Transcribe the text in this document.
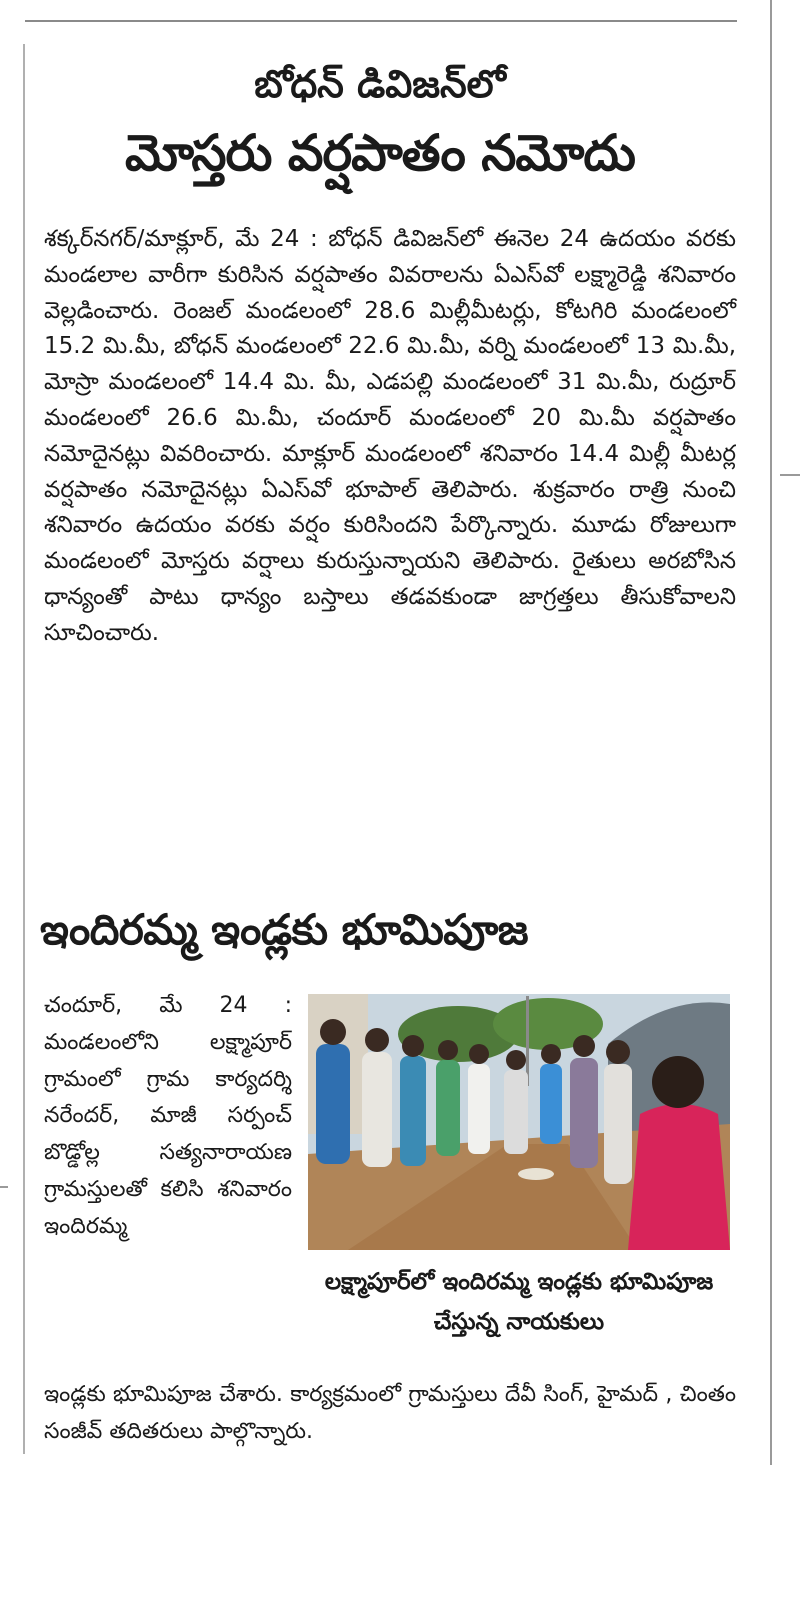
బోధన్ డివిజన్‌లో
మోస్తరు వర్షపాతం నమోదు

శక్కర్‌నగర్/మాక్లూర్, మే 24 : బోధన్ డివిజన్‌లో ఈనెల 24 ఉదయం వరకు మండలాల వారీగా కురిసిన వర్షపాతం వివరాలను ఏఎస్‌వో లక్ష్మారెడ్డి శనివారం వెల్లడించారు. రెంజల్ మండలంలో 28.6 మిల్లీమీటర్లు, కోటగిరి మండలంలో 15.2 మి.మీ, బోధన్ మండలంలో 22.6 మి.మీ, వర్ని మండలంలో 13 మి.మీ, మోస్రా మండలంలో 14.4 మి. మీ, ఎడపల్లి మండలంలో 31 మి.మీ, రుద్రూర్ మండలంలో 26.6 మి.మీ, చందూర్ మండలంలో 20 మి.మీ వర్షపాతం నమోదైనట్లు వివరించారు. మాక్లూర్ మండలంలో శనివారం 14.4 మిల్లీ మీటర్ల వర్షపాతం నమోదైనట్లు ఏఎస్‌వో భూపాల్ తెలిపారు. శుక్రవారం రాత్రి నుంచి శనివారం ఉదయం వరకు వర్షం కురిసిందని పేర్కొన్నారు. మూడు రోజులుగా మండలంలో మోస్తరు వర్షాలు కురుస్తున్నాయని తెలిపారు. రైతులు అరబోసిన ధాన్యంతో పాటు ధాన్యం బస్తాలు తడవకుండా జాగ్రత్తలు తీసుకోవాలని సూచించారు.

ఇందిరమ్మ ఇండ్లకు భూమిపూజ
చందూర్, మే 24 : మండలంలోని లక్ష్మాపూర్ గ్రామంలో గ్రామ కార్యదర్శి నరేందర్, మాజీ సర్పంచ్ బొడ్డోల్ల సత్యనారాయణ గ్రామస్తులతో కలిసి శనివారం ఇందిరమ్మ
లక్ష్మాపూర్‌లో ఇందిరమ్మ ఇండ్లకు భూమిపూజ చేస్తున్న నాయకులు
ఇండ్లకు భూమిపూజ చేశారు. కార్యక్రమంలో గ్రామస్తులు దేవీ సింగ్, హైమద్ , చింతం సంజీవ్ తదితరులు పాల్గొన్నారు.
